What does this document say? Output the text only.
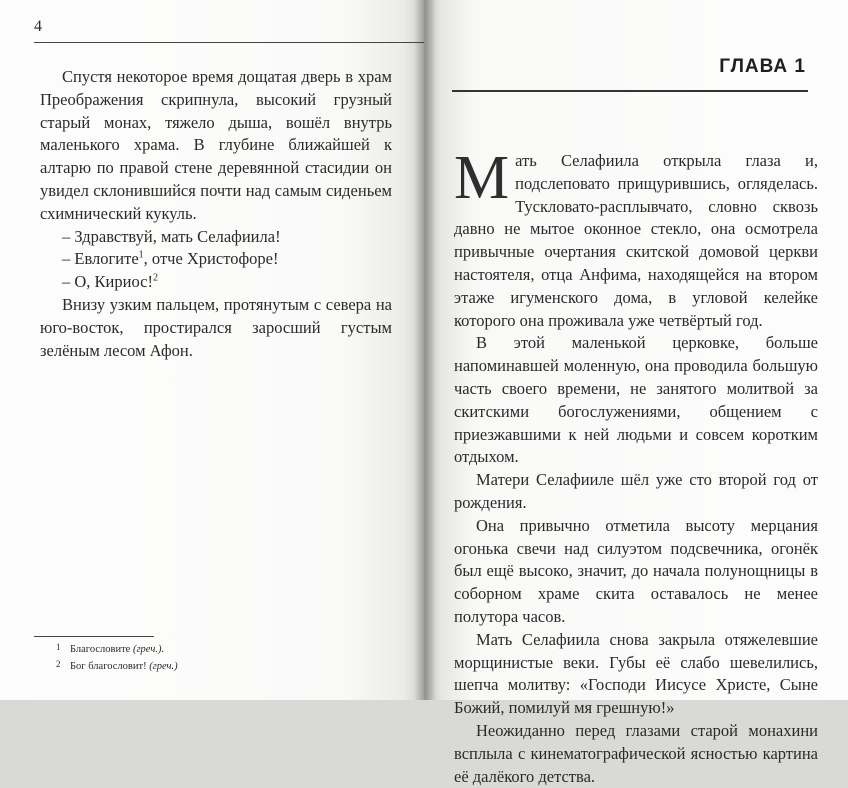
4

Спустя некоторое время дощатая дверь в храм Преображения скрипнула, высокий грузный старый монах, тяжело дыша, вошёл внутрь маленького храма. В глубине ближайшей к алтарю по правой стене деревянной стасидии он увидел склонившийся почти над самым сиденьем схимнический кукуль.

– Здравствуй, мать Селафиила!

– Евлогите$^1$, отче Христофоре!

– О, Кириос!$^2$

Внизу узким пальцем, протянутым с севера на юго-восток, простирался заросший густым зелёным лесом Афон.

1 Благословите (греч.).
2 Бог благословит! (греч.)
ГЛАВА 1

Мать Селафиила открыла глаза и, подслеповато прищурившись, огляделась. Тускловато-расплывчато, словно сквозь давно не мытое оконное стекло, она осмотрела привычные очертания скитской домовой церкви настоятеля, отца Анфима, находящейся на втором этаже игуменского дома, в угловой келейке которого она проживала уже четвёртый год.

В этой маленькой церковке, больше напоминавшей моленную, она проводила большую часть своего времени, не занятого молитвой за скитскими богослужениями, общением с приезжавшими к ней людьми и совсем коротким отдыхом.

Матери Селафииле шёл уже сто второй год от рождения.

Она привычно отметила высоту мерцания огонька свечи над силуэтом подсвечника, огонёк был ещё высоко, значит, до начала полунощницы в соборном храме скита оставалось не менее полутора часов.

Мать Селафиила снова закрыла отяжелевшие морщинистые веки. Губы её слабо шевелились, шепча молитву: «Господи Иисусе Христе, Сыне Божий, помилуй мя грешную!»

Неожиданно перед глазами старой монахини всплыла с кинематографической ясностью картина её далёкого детства.
